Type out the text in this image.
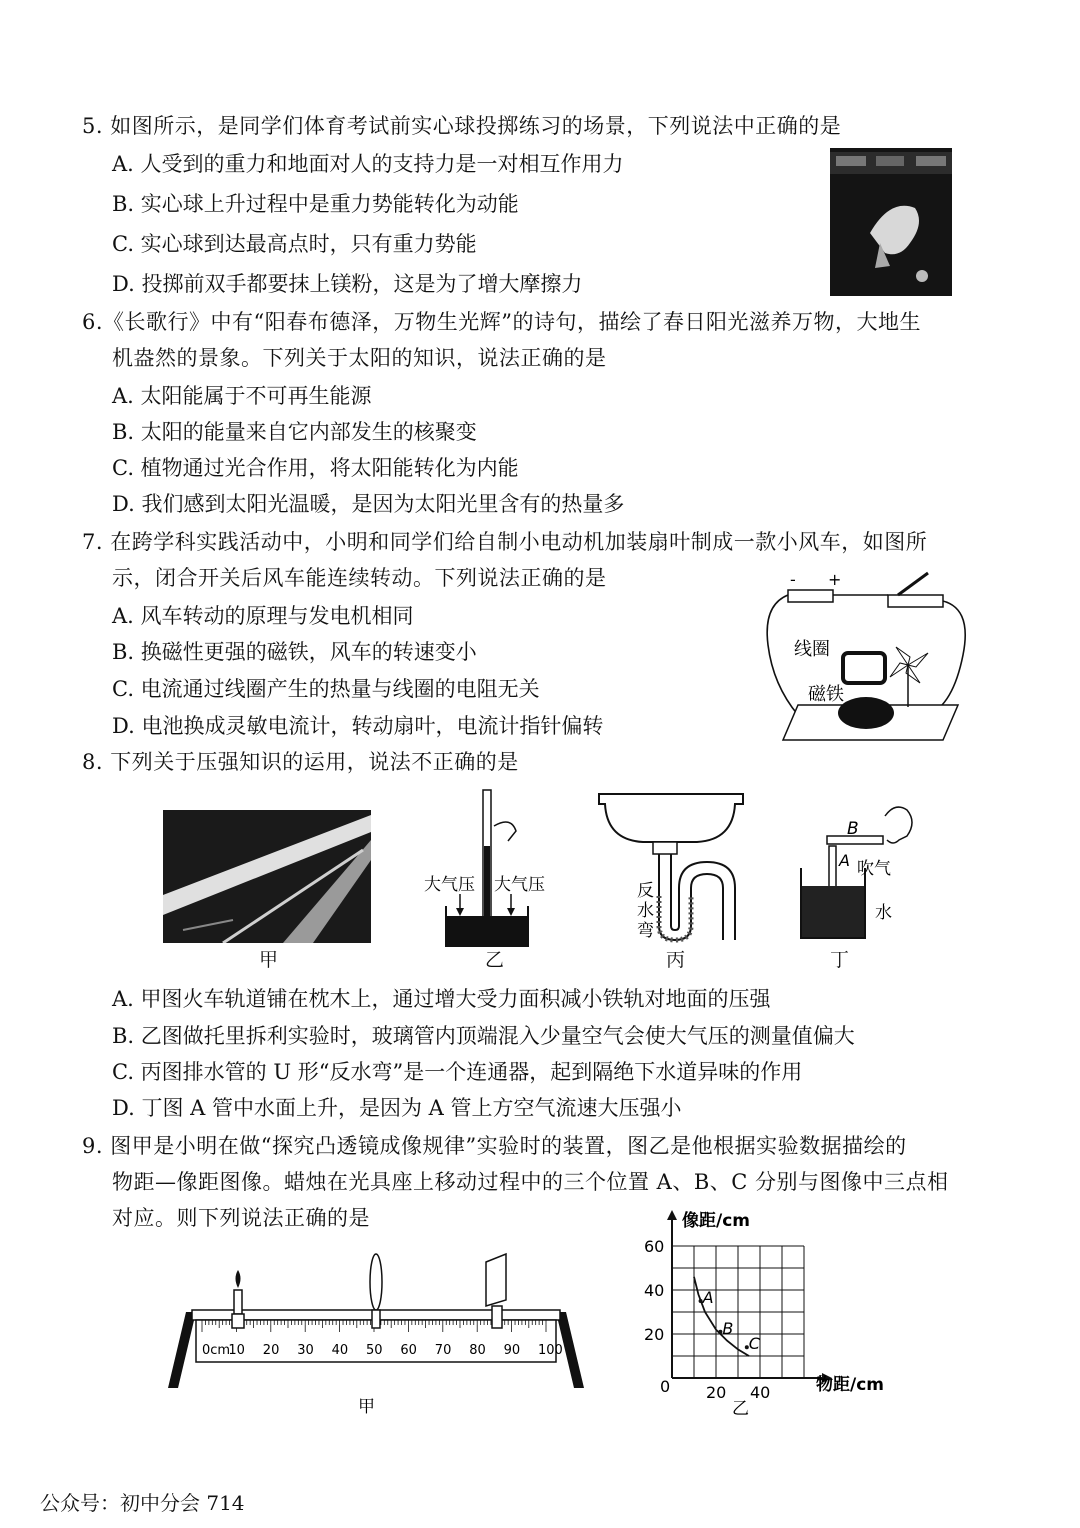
5. 如图所示，是同学们体育考试前实心球投掷练习的场景，下列说法中正确的是
A. 人受到的重力和地面对人的支持力是一对相互作用力
B. 实心球上升过程中是重力势能转化为动能
C. 实心球到达最高点时，只有重力势能
D. 投掷前双手都要抹上镁粉，这是为了增大摩擦力
6.《长歌行》中有“阳春布德泽，万物生光辉”的诗句，描绘了春日阳光滋养万物，大地生
机盎然的景象。下列关于太阳的知识，说法正确的是
A. 太阳能属于不可再生能源
B. 太阳的能量来自它内部发生的核聚变
C. 植物通过光合作用，将太阳能转化为内能
D. 我们感到太阳光温暖，是因为太阳光里含有的热量多
7. 在跨学科实践活动中，小明和同学们给自制小电动机加装扇叶制成一款小风车，如图所
示，闭合开关后风车能连续转动。下列说法正确的是
A. 风车转动的原理与发电机相同
B. 换磁性更强的磁铁，风车的转速变小
C. 电流通过线圈产生的热量与线圈的电阻无关
D. 电池换成灵敏电流计，转动扇叶，电流计指针偏转
- +
线圈
磁铁
8. 下列关于压强知识的运用，说法不正确的是
甲
大气压 大气压
乙
反
水
弯
丙
B
A 吹气
水
丁
A. 甲图火车轨道铺在枕木上，通过增大受力面积减小铁轨对地面的压强
B. 乙图做托里拆利实验时，玻璃管内顶端混入少量空气会使大气压的测量值偏大
C. 丙图排水管的 U 形“反水弯”是一个连通器，起到隔绝下水道异味的作用
D. 丁图 A 管中水面上升，是因为 A 管上方空气流速大压强小
9. 图甲是小明在做“探究凸透镜成像规律”实验时的装置，图乙是他根据实验数据描绘的
物距—像距图像。蜡烛在光具座上移动过程中的三个位置 A、B、C 分别与图像中三点相
对应。则下列说法正确的是
0cm
10 20 30 40 50 60 70 80 90 100
甲
像距/cm
物距/cm
0 20 40
20
40
60
A
B
C
乙
公众号：初中分会 714
